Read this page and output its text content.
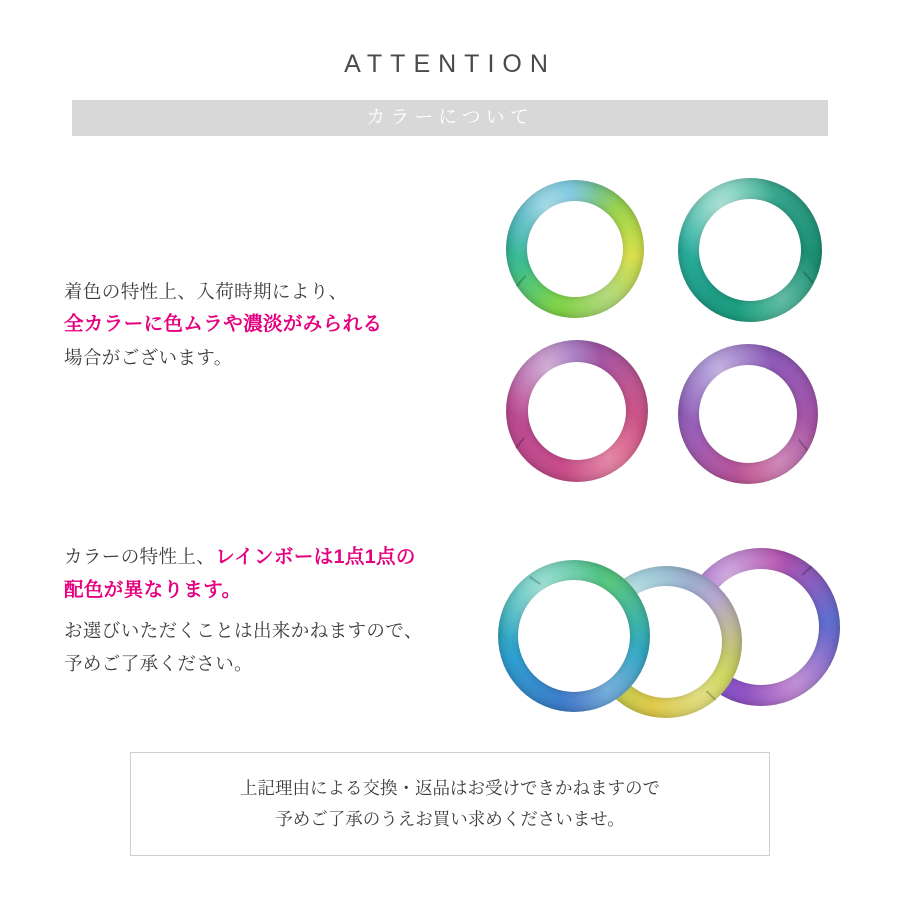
ATTENTION
カラーについて
着色の特性上、入荷時期により、
全カラーに色ムラや濃淡がみられる
場合がございます。
カラーの特性上、レインボーは1点1点の
配色が異なります。
お選びいただくことは出来かねますので、
予めご了承ください。
上記理由による交換・返品はお受けできかねますので
予めご了承のうえお買い求めくださいませ。
